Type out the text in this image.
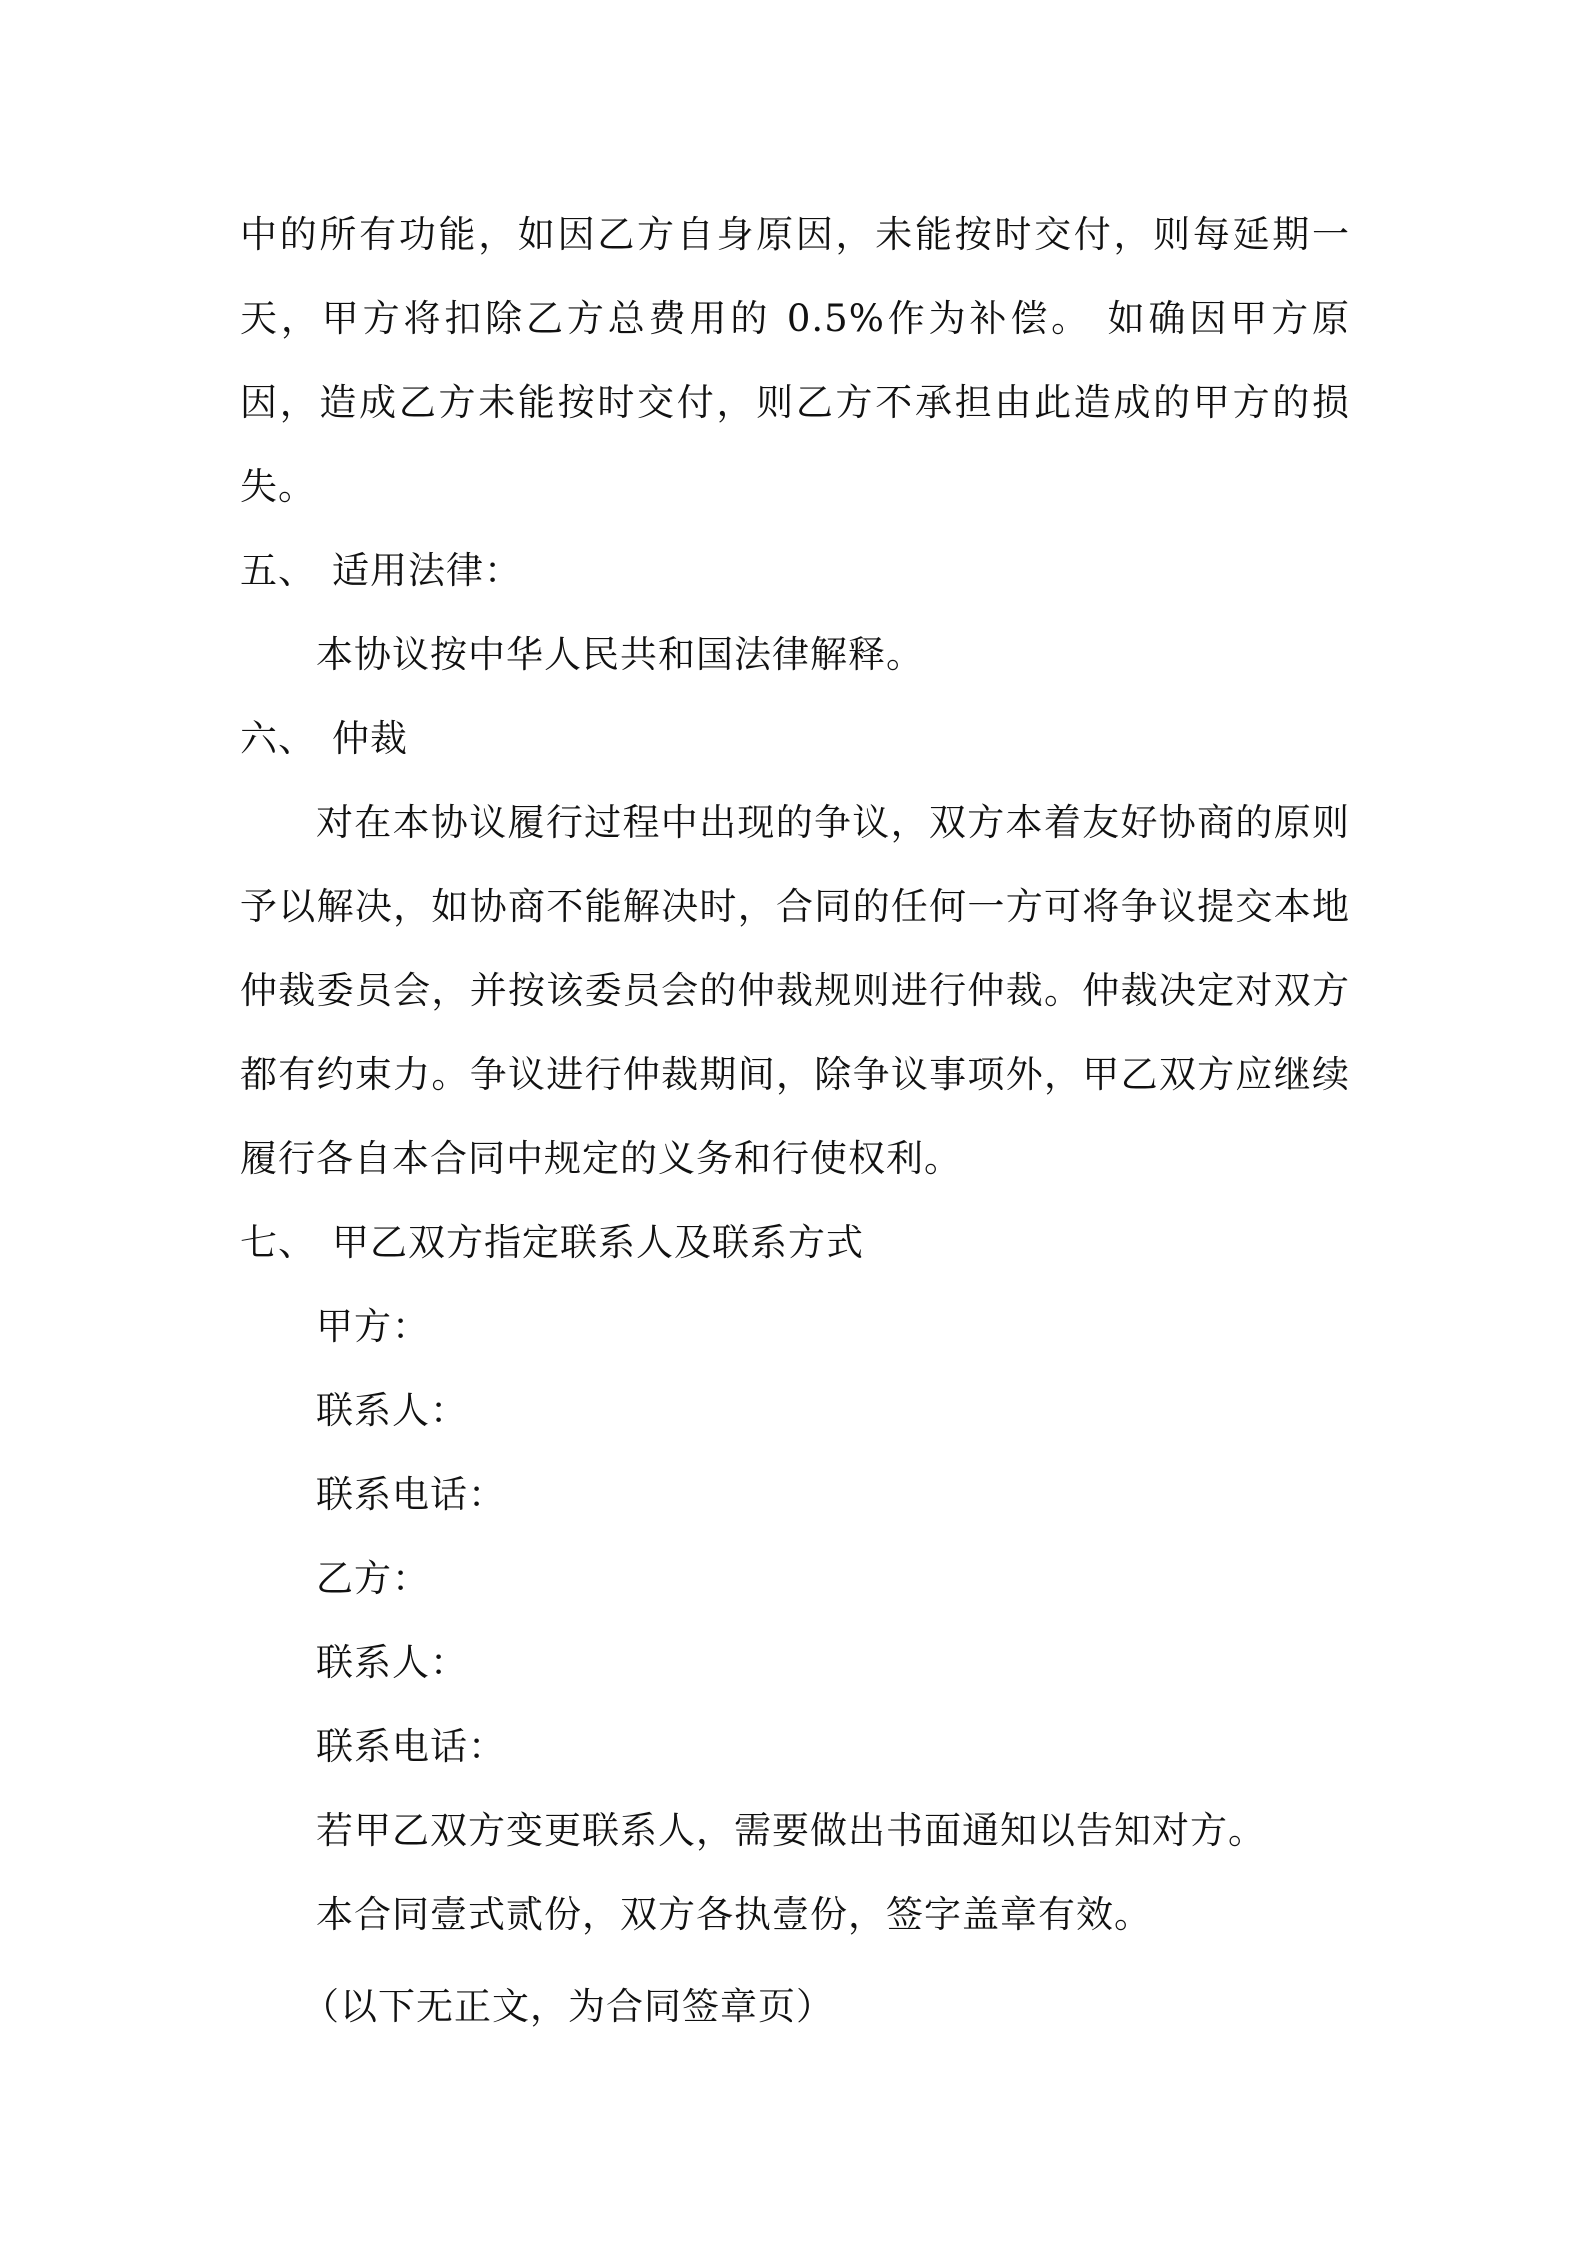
中的所有功能，如因乙方自身原因，未能按时交付，则每延期一天，甲方将扣除乙方总费用的 0.5%作为补偿。 如确因甲方原因，造成乙方未能按时交付，则乙方不承担由此造成的甲方的损失。

五、 适用法律：

本协议按中华人民共和国法律解释。

六、 仲裁

对在本协议履行过程中出现的争议，双方本着友好协商的原则予以解决，如协商不能解决时，合同的任何一方可将争议提交本地仲裁委员会，并按该委员会的仲裁规则进行仲裁。仲裁决定对双方都有约束力。争议进行仲裁期间，除争议事项外，甲乙双方应继续履行各自本合同中规定的义务和行使权利。

七、 甲乙双方指定联系人及联系方式

甲方：

联系人：

联系电话：

乙方：

联系人：

联系电话：

若甲乙双方变更联系人，需要做出书面通知以告知对方。

本合同壹式贰份，双方各执壹份，签字盖章有效。

（以下无正文，为合同签章页）
